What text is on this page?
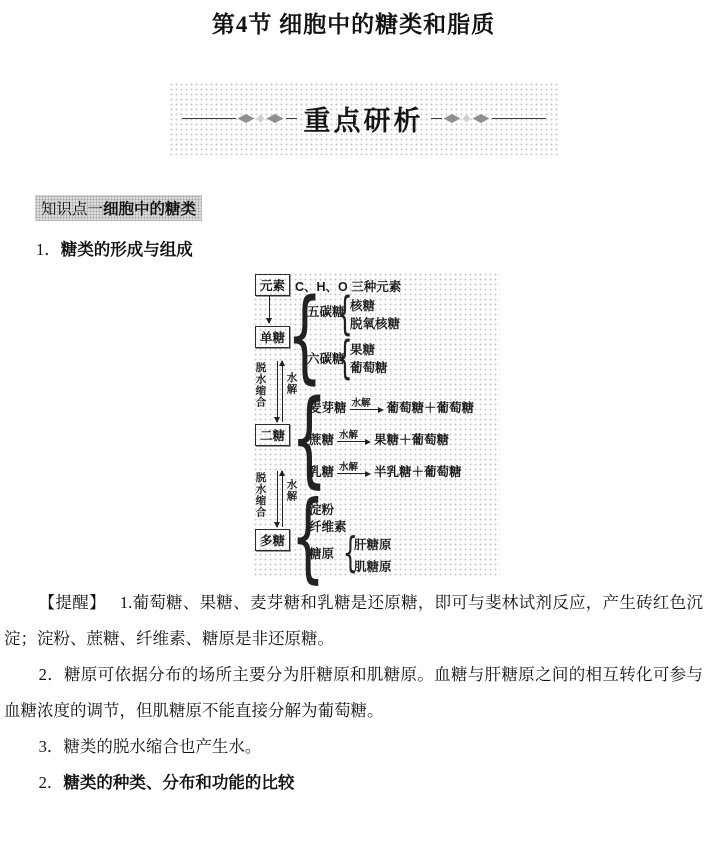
第4节 细胞中的糖类和脂质
重点研析
知识点一细胞中的糖类
1．糖类的形成与组成
元素 C、H、O 三种元素
单糖
{
五碳糖 { 核糖
脱氧核糖
六碳糖
{
果糖
葡萄糖
脱水缩合 水解
二糖
{
麦芽糖 水解 葡萄糖＋葡萄糖
蔗糖 水解 果糖＋葡萄糖
乳糖 水解 半乳糖＋葡萄糖
脱水缩合 水解
多糖
{
淀粉
纤维素
糖原
{
肝糖原
肌糖原

【提醒】 1.葡萄糖、果糖、麦芽糖和乳糖是还原糖，即可与斐林试剂反应，产生砖红色沉淀；淀粉、蔗糖、纤维素、糖原是非还原糖。

2．糖原可依据分布的场所主要分为肝糖原和肌糖原。血糖与肝糖原之间的相互转化可参与血糖浓度的调节，但肌糖原不能直接分解为葡萄糖。

3．糖类的脱水缩合也产生水。

2．糖类的种类、分布和功能的比较
